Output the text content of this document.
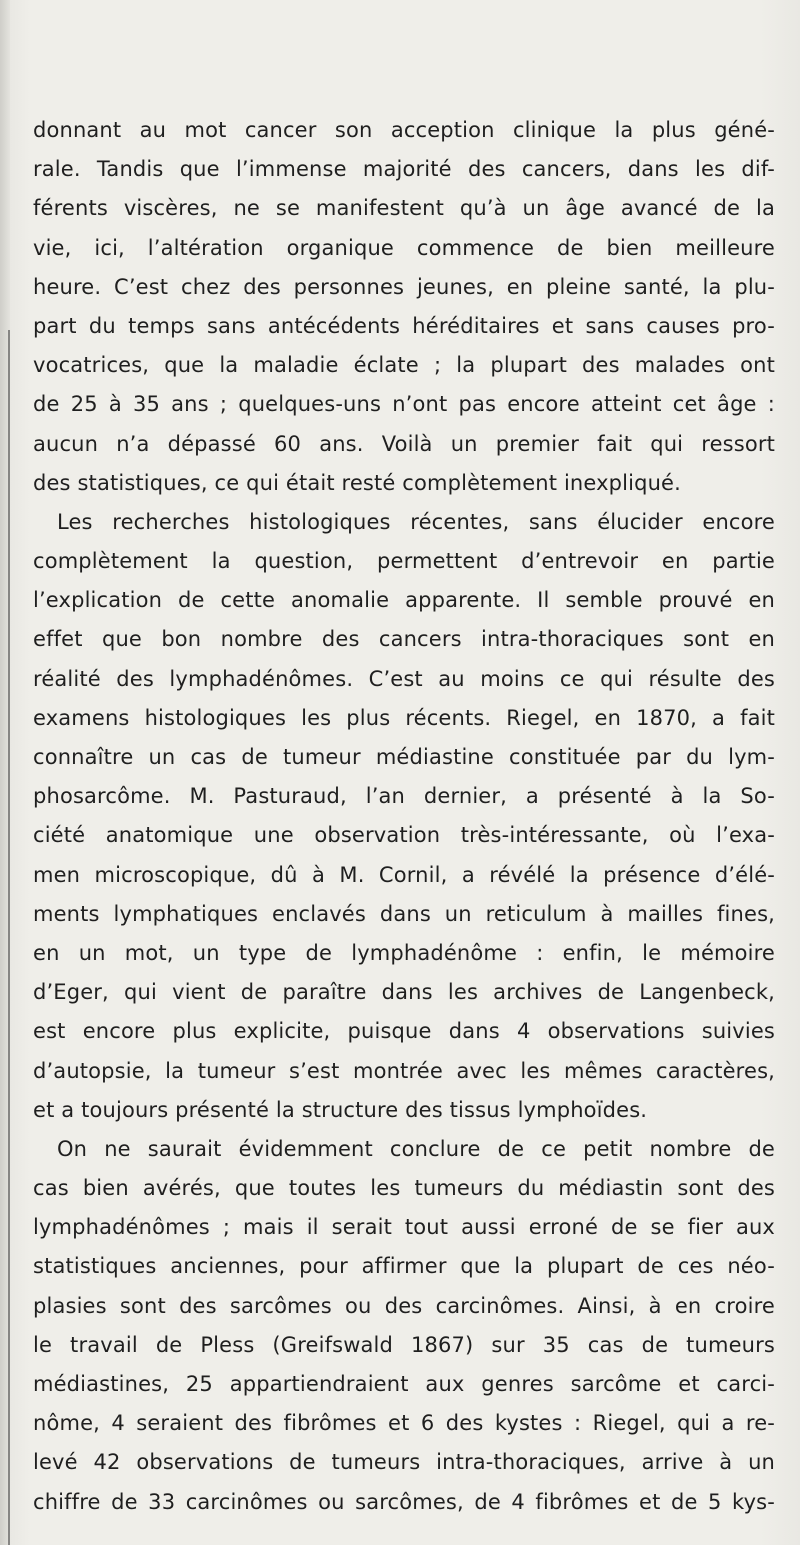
donnant au mot cancer son acception clinique la plus géné-
rale. Tandis que l’immense majorité des cancers, dans les dif-
férents viscères, ne se manifestent qu’à un âge avancé de la
vie, ici, l’altération organique commence de bien meilleure
heure. C’est chez des personnes jeunes, en pleine santé, la plu-
part du temps sans antécédents héréditaires et sans causes pro-
vocatrices, que la maladie éclate ; la plupart des malades ont
de 25 à 35 ans ; quelques-uns n’ont pas encore atteint cet âge :
aucun n’a dépassé 60 ans. Voilà un premier fait qui ressort
des statistiques, ce qui était resté complètement inexpliqué.
Les recherches histologiques récentes, sans élucider encore
complètement la question, permettent d’entrevoir en partie
l’explication de cette anomalie apparente. Il semble prouvé en
effet que bon nombre des cancers intra-thoraciques sont en
réalité des lymphadénômes. C’est au moins ce qui résulte des
examens histologiques les plus récents. Riegel, en 1870, a fait
connaître un cas de tumeur médiastine constituée par du lym-
phosarcôme. M. Pasturaud, l’an dernier, a présenté à la So-
ciété anatomique une observation très-intéressante, où l’exa-
men microscopique, dû à M. Cornil, a révélé la présence d’élé-
ments lymphatiques enclavés dans un reticulum à mailles fines,
en un mot, un type de lymphadénôme : enfin, le mémoire
d’Eger, qui vient de paraître dans les archives de Langenbeck,
est encore plus explicite, puisque dans 4 observations suivies
d’autopsie, la tumeur s’est montrée avec les mêmes caractères,
et a toujours présenté la structure des tissus lymphoïdes.
On ne saurait évidemment conclure de ce petit nombre de
cas bien avérés, que toutes les tumeurs du médiastin sont des
lymphadénômes ; mais il serait tout aussi erroné de se fier aux
statistiques anciennes, pour affirmer que la plupart de ces néo-
plasies sont des sarcômes ou des carcinômes. Ainsi, à en croire
le travail de Pless (Greifswald 1867) sur 35 cas de tumeurs
médiastines, 25 appartiendraient aux genres sarcôme et carci-
nôme, 4 seraient des fibrômes et 6 des kystes : Riegel, qui a re-
levé 42 observations de tumeurs intra-thoraciques, arrive à un
chiffre de 33 carcinômes ou sarcômes, de 4 fibrômes et de 5 kys-
